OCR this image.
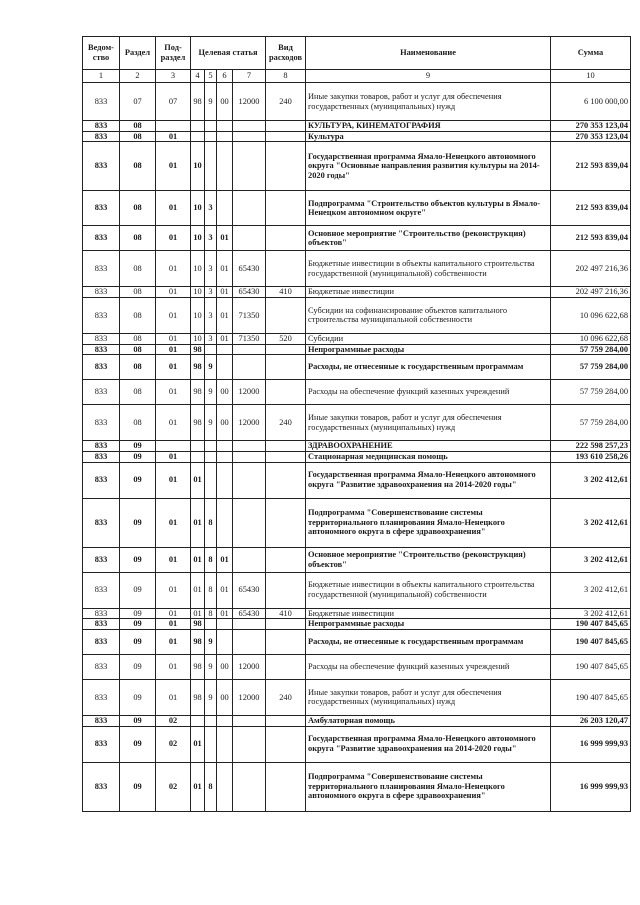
Ведом-ство	Раздел	Под-раздел	Целевая статья				Вид расходов	Наименование	Сумма
1	2	3	4	5	6	7	8	9	10
833	07	07	98	9	00	12000	240	Иные закупки товаров, работ и услуг для обеспечения государственных (муниципальных) нужд	6 100 000,00
833	08							КУЛЬТУРА, КИНЕМАТОГРАФИЯ	270 353 123,04
833	08	01						Культура	270 353 123,04
833	08	01	10					Государственная программа Ямало-Ненецкого автономного округа "Основные направления развития культуры на 2014-2020 годы"	212 593 839,04
833	08	01	10	3				Подпрограмма "Строительство объектов культуры в Ямало-Ненецком автономном округе"	212 593 839,04
833	08	01	10	3	01			Основное мероприятие "Строительство (реконструкция) объектов"	212 593 839,04
833	08	01	10	3	01	65430		Бюджетные инвестиции в объекты капитального строительства государственной (муниципальной) собственности	202 497 216,36
833	08	01	10	3	01	65430	410	Бюджетные инвестиции	202 497 216,36
833	08	01	10	3	01	71350		Субсидии на софинансирование объектов капитального строительства муниципальной собственности	10 096 622,68
833	08	01	10	3	01	71350	520	Субсидии	10 096 622,68
833	08	01	98					Непрограммные расходы	57 759 284,00
833	08	01	98	9				Расходы, не отнесенные к государственным программам	57 759 284,00
833	08	01	98	9	00	12000		Расходы на обеспечение функций казенных учреждений	57 759 284,00
833	08	01	98	9	00	12000	240	Иные закупки товаров, работ и услуг для обеспечения государственных (муниципальных) нужд	57 759 284,00
833	09							ЗДРАВООХРАНЕНИЕ	222 598 257,23
833	09	01						Стационарная медицинская помощь	193 610 258,26
833	09	01	01					Государственная программа Ямало-Ненецкого автономного округа "Развитие здравоохранения на 2014-2020 годы"	3 202 412,61
833	09	01	01	8				Подпрограмма "Совершенствование системы территориального планирования Ямало-Ненецкого автономного округа в сфере здравоохранения"	3 202 412,61
833	09	01	01	8	01			Основное мероприятие "Строительство (реконструкция) объектов"	3 202 412,61
833	09	01	01	8	01	65430		Бюджетные инвестиции в объекты капитального строительства государственной (муниципальной) собственности	3 202 412,61
833	09	01	01	8	01	65430	410	Бюджетные инвестиции	3 202 412,61
833	09	01	98					Непрограммные расходы	190 407 845,65
833	09	01	98	9				Расходы, не отнесенные к государственным программам	190 407 845,65
833	09	01	98	9	00	12000		Расходы на обеспечение функций казенных учреждений	190 407 845,65
833	09	01	98	9	00	12000	240	Иные закупки товаров, работ и услуг для обеспечения государственных (муниципальных) нужд	190 407 845,65
833	09	02						Амбулаторная помощь	26 203 120,47
833	09	02	01					Государственная программа Ямало-Ненецкого автономного округа "Развитие здравоохранения на 2014-2020 годы"	16 999 999,93
833	09	02	01	8				Подпрограмма "Совершенствование системы территориального планирования Ямало-Ненецкого автономного округа в сфере здравоохранения"	16 999 999,93
